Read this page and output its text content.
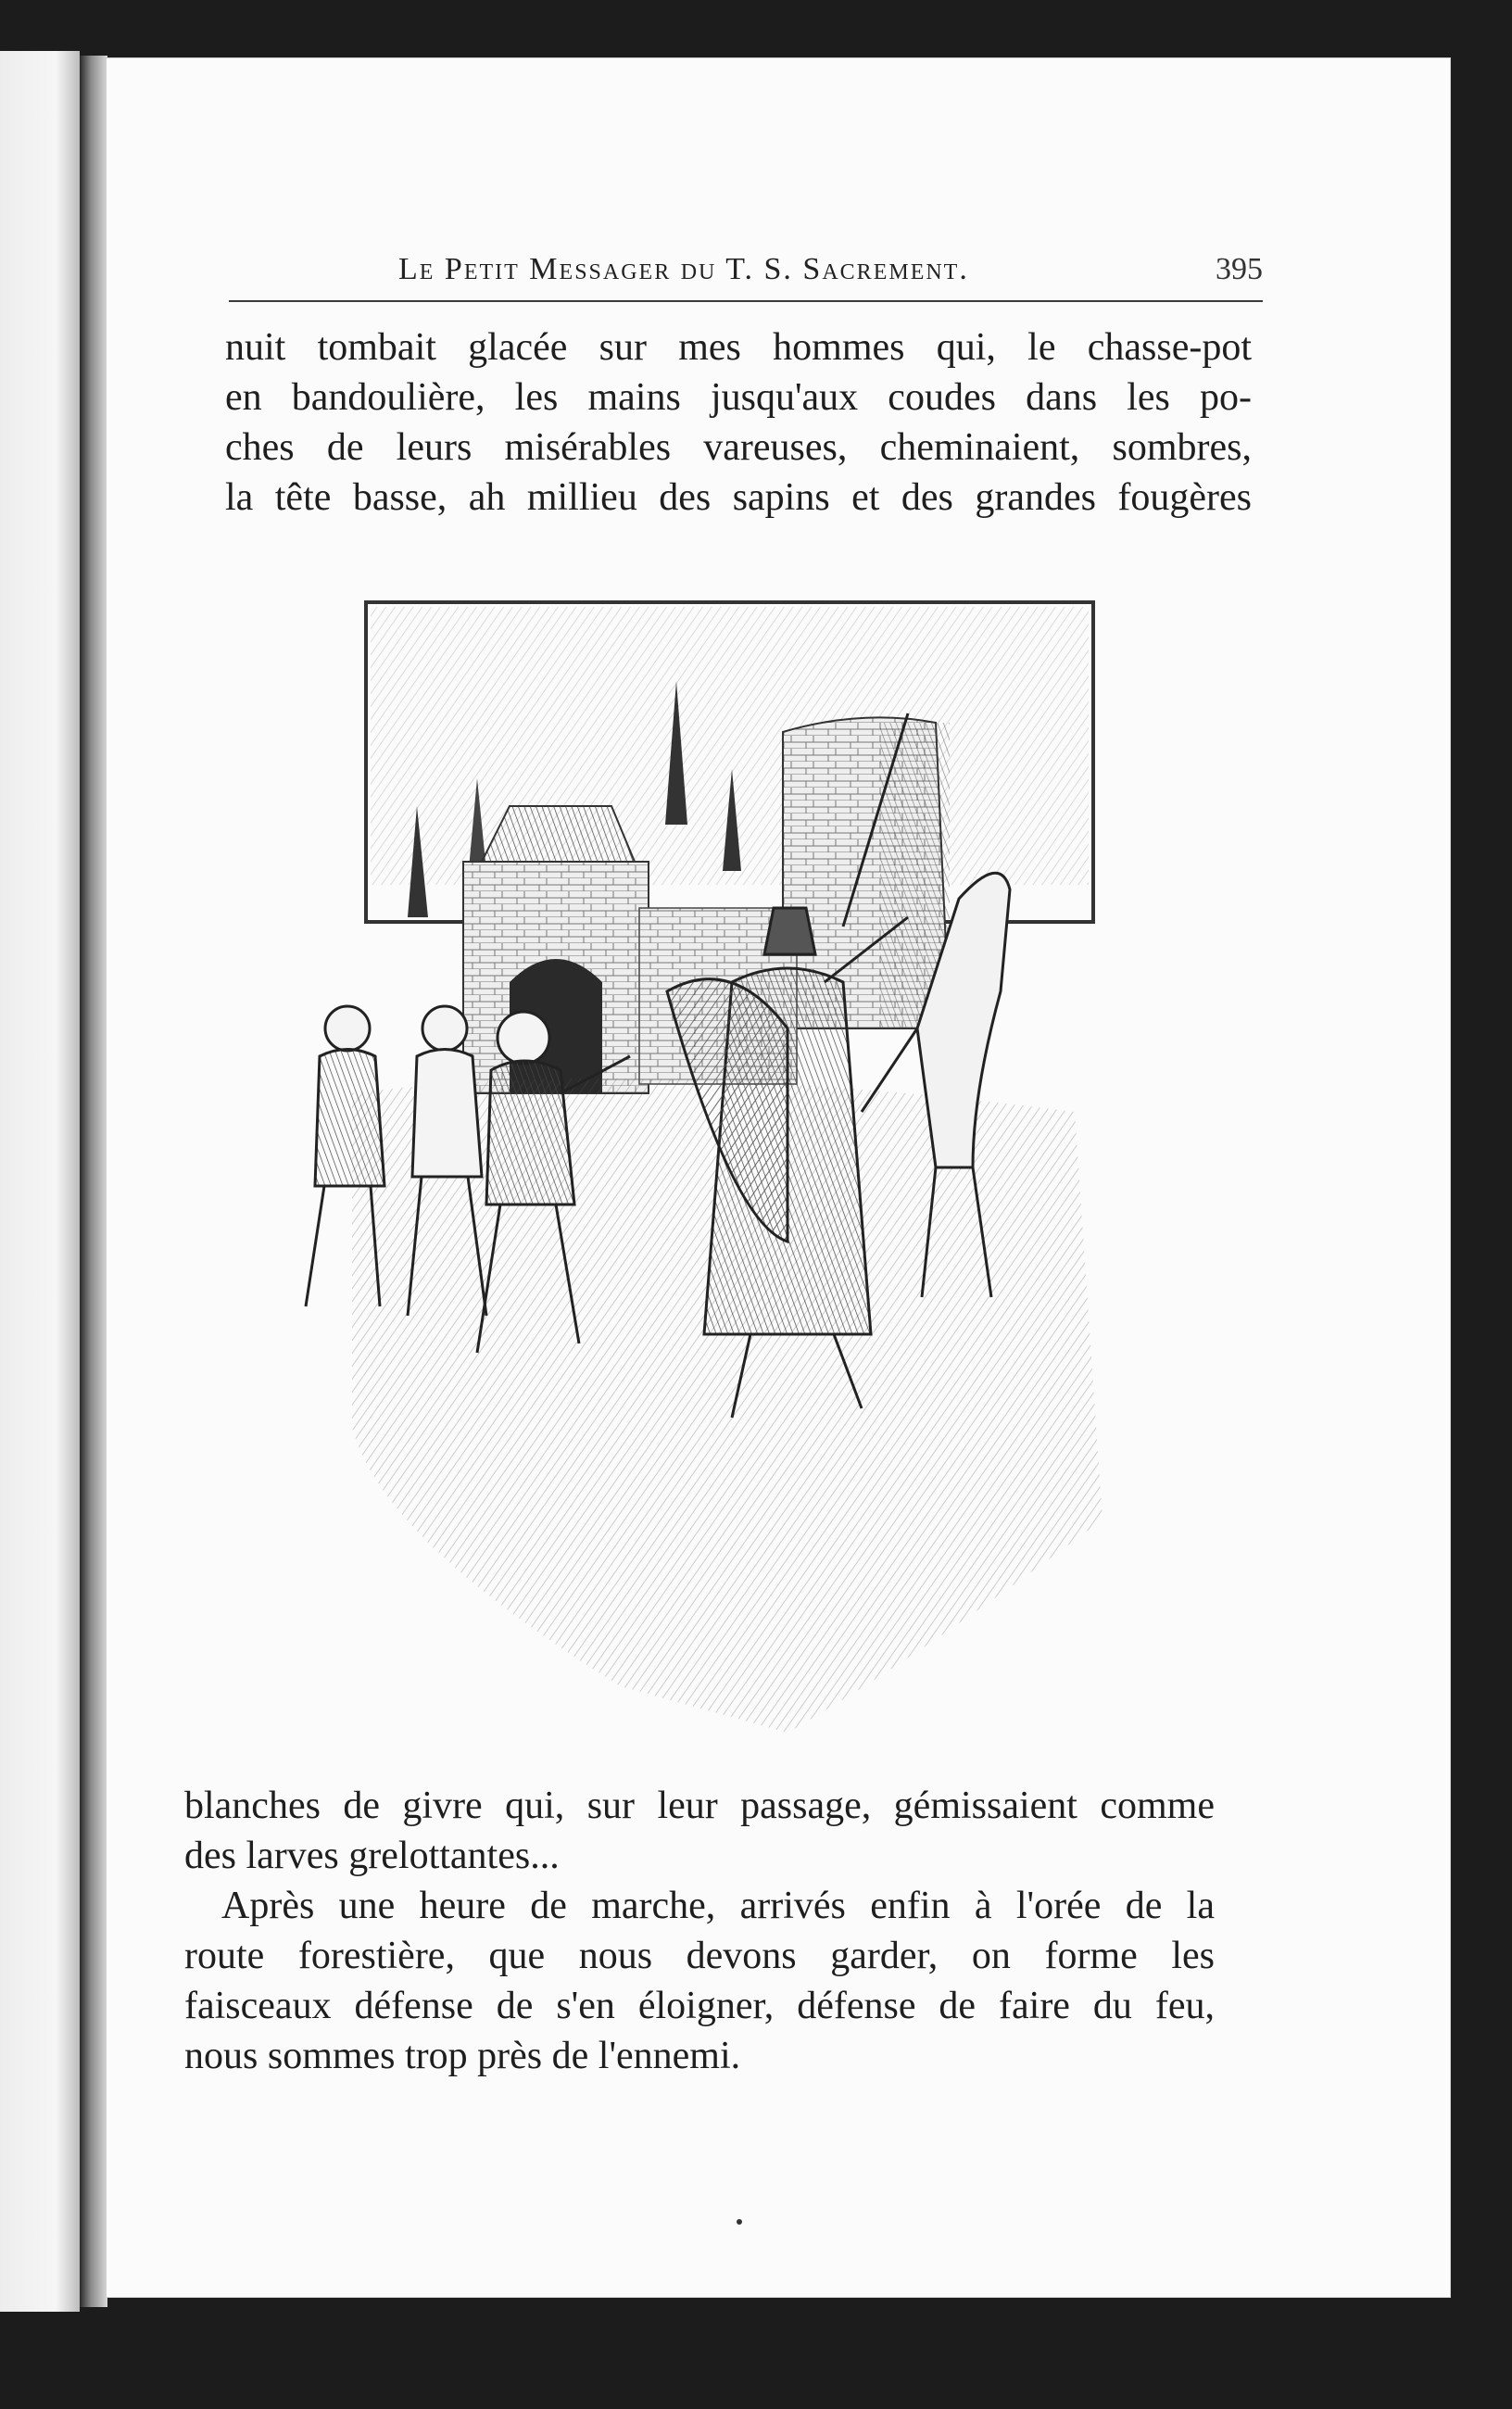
Le Petit Messager du T. S. Sacrement.	395

nuit tombait glacée sur mes hommes qui, le chasse-pot

en bandoulière, les mains jusqu'aux coudes dans les po-

ches de leurs misérables vareuses, cheminaient, sombres,

la tête basse, ah millieu des sapins et des grandes fougères

blanches de givre qui, sur leur passage, gémissaient comme

des larves grelottantes...

Après une heure de marche, arrivés enfin à l'orée de la

route forestière, que nous devons garder, on forme les

faisceaux défense de s'en éloigner, défense de faire du feu,

nous sommes trop près de l'ennemi.
